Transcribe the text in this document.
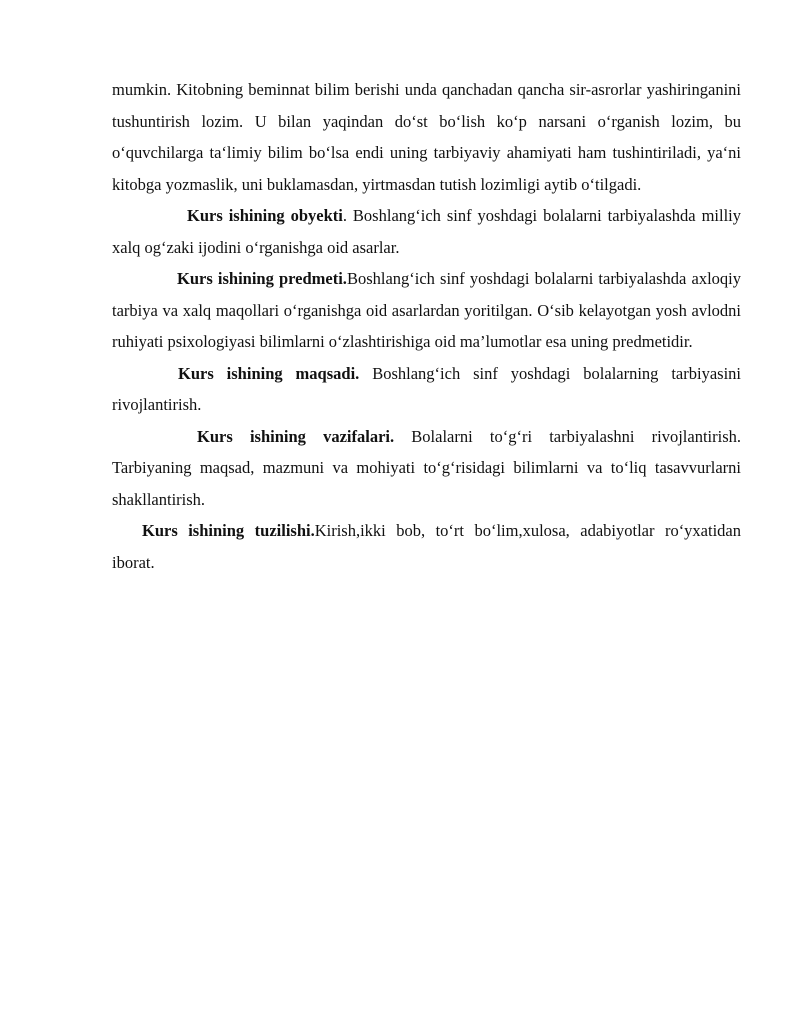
mumkin. Kitobning beminnat bilim berishi unda qanchadan qancha sir-asrorlar yashiringanini tushuntirish lozim. U bilan yaqindan do‘st bo‘lish ko‘p narsani o‘rganish lozim, bu o‘quvchilarga ta‘limiy bilim bo‘lsa endi uning tarbiyaviy ahamiyati ham tushintiriladi, ya‘ni kitobga yozmaslik, uni buklamasdan, yirtmasdan tutish lozimligi aytib o‘tilgadi.

Kurs ishining obyekti. Boshlang‘ich sinf yoshdagi bolalarni tarbiyalashda milliy xalq og‘zaki ijodini o‘rganishga oid asarlar.

Kurs ishining predmeti.Boshlang‘ich sinf yoshdagi bolalarni tarbiyalashda axloqiy tarbiya va xalq maqollari o‘rganishga oid asarlardan yoritilgan. O‘sib kelayotgan yosh avlodni ruhiyati psixologiyasi bilimlarni o‘zlashtirishiga oid ma’lumotlar esa uning predmetidir.

Kurs ishining maqsadi. Boshlang‘ich sinf yoshdagi bolalarning tarbiyasini rivojlantirish.

Kurs ishining vazifalari. Bolalarni to‘g‘ri tarbiyalashni rivojlantirish. Tarbiyaning maqsad, mazmuni va mohiyati to‘g‘risidagi bilimlarni va to‘liq tasavvurlarni shakllantirish.

Kurs ishining tuzilishi.Kirish,ikki bob, to‘rt bo‘lim,xulosa, adabiyotlar ro‘yxatidan iborat.
